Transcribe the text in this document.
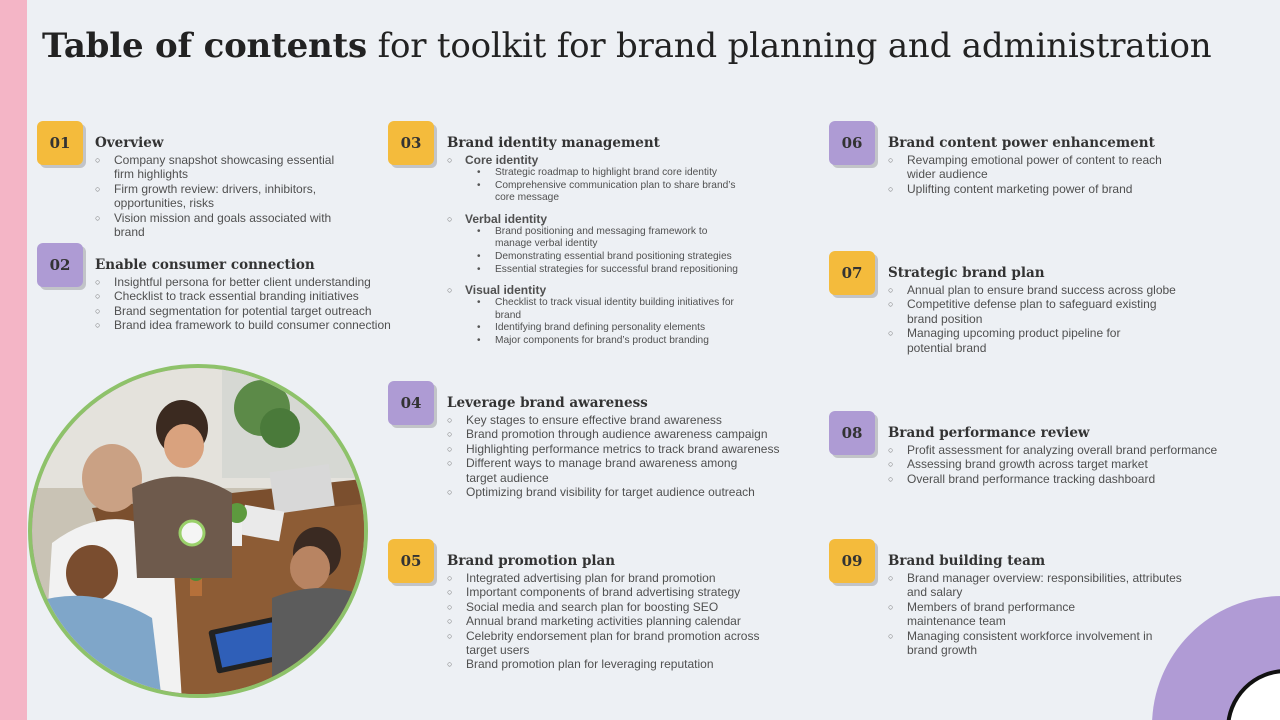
Table of contents for toolkit for brand planning and administration
01
02
03
04
05
06
07
08
09
Overview
○ Company snapshot showcasing essential firm highlights
○ Firm growth review: drivers, inhibitors, opportunities, risks
○ Vision mission and goals associated with brand
Enable consumer connection
○ Insightful persona for better client understanding
○ Checklist to track essential branding initiatives
○ Brand segmentation for potential target outreach
○ Brand idea framework to build consumer connection
Brand identity management
○ Core identity
• Strategic roadmap to highlight brand core identity
• Comprehensive communication plan to share brand’s core message
○ Verbal identity
• Brand positioning and messaging framework to manage verbal identity
• Demonstrating essential brand positioning strategies
• Essential strategies for successful brand repositioning
○ Visual identity
• Checklist to track visual identity building initiatives for brand
• Identifying brand defining personality elements
• Major components for brand’s product branding
Leverage brand awareness
○ Key stages to ensure effective brand awareness
○ Brand promotion through audience awareness campaign
○ Highlighting performance metrics to track brand awareness
○ Different ways to manage brand awareness among target audience
○ Optimizing brand visibility for target audience outreach
Brand promotion plan
○ Integrated advertising plan for brand promotion
○ Important components of brand advertising strategy
○ Social media and search plan for boosting SEO
○ Annual brand marketing activities planning calendar
○ Celebrity endorsement plan for brand promotion across target users
○ Brand promotion plan for leveraging reputation
Brand content power enhancement
○ Revamping emotional power of content to reach wider audience
○ Uplifting content marketing power of brand
Strategic brand plan
○ Annual plan to ensure brand success across globe
○ Competitive defense plan to safeguard existing brand position
○ Managing upcoming product pipeline for potential brand
Brand performance review
○ Profit assessment for analyzing overall brand performance
○ Assessing brand growth across target market
○ Overall brand performance tracking dashboard
Brand building team
○ Brand manager overview: responsibilities, attributes and salary
○ Members of brand performance maintenance team
○ Managing consistent workforce involvement in brand growth
